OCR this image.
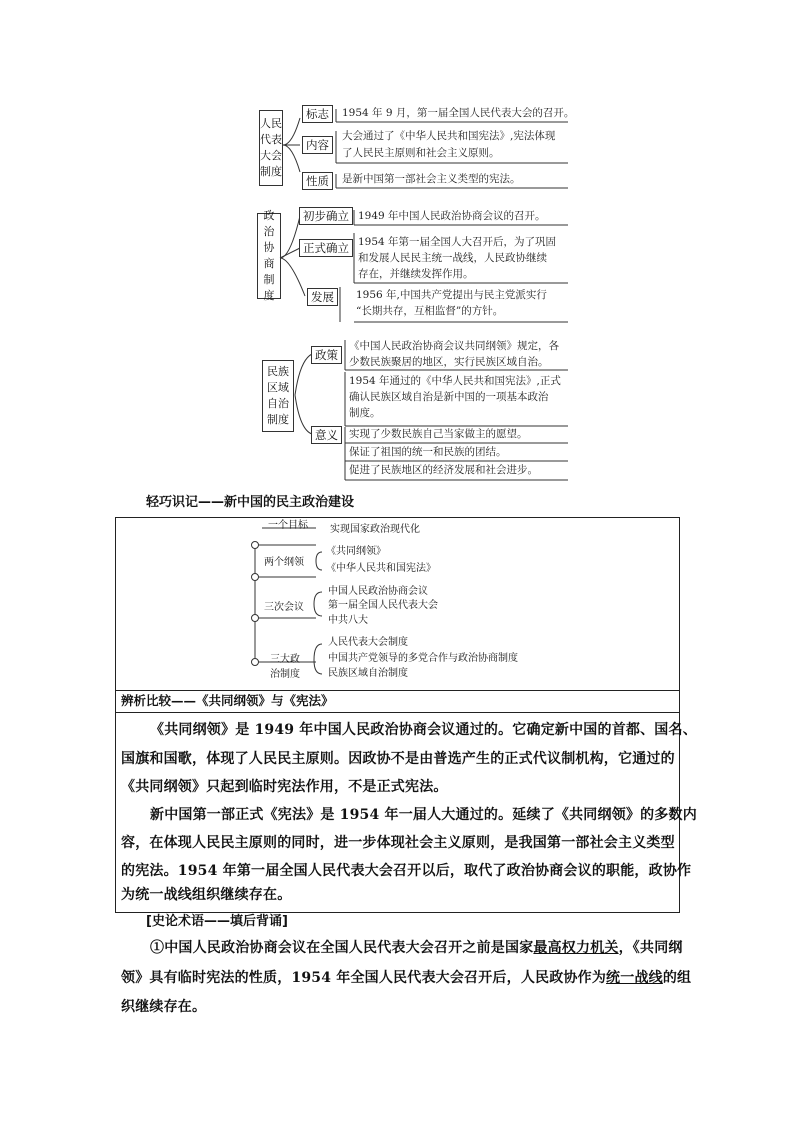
人民代表大会制度
标志	1954 年 9 月，第一届全国人民代表大会的召开。
内容
大会通过了《中华人民共和国宪法》,宪法体现
了人民民主原则和社会主义原则。
性质	是新中国第一部社会主义类型的宪法。
政治协商制度
初步确立 1949 年中国人民政治协商会议的召开。
正式确立 1954 年第一届全国人大召开后，为了巩固
和发展人民民主统一战线，人民政协继续
存在，并继续发挥作用。
发展	1956 年,中国共产党提出与民主党派实行
“长期共存，互相监督”的方针。
民族区域自治制度
政策
《中国人民政治协商会议共同纲领》规定，各
少数民族聚居的地区，实行民族区域自治。
1954 年通过的《中华人民共和国宪法》,正式
确认民族区域自治是新中国的一项基本政治
制度。
意义	实现了少数民族自己当家做主的愿望。
保证了祖国的统一和民族的团结。
促进了民族地区的经济发展和社会进步。
轻巧识记——新中国的民主政治建设
一个目标 实现国家政治现代化
两个纲领
《共同纲领》
《中华人民共和国宪法》
三次会议
中国人民政治协商会议
第一届全国人民代表大会
中共八大
三大政
治制度
人民代表大会制度
中国共产党领导的多党合作与政治协商制度
民族区域自治制度
辨析比较——《共同纲领》与《宪法》
《共同纲领》是 1949 年中国人民政治协商会议通过的。它确定新中国的首都、国名、
国旗和国歌，体现了人民民主原则。因政协不是由普选产生的正式代议制机构，它通过的
《共同纲领》只起到临时宪法作用，不是正式宪法。
新中国第一部正式《宪法》是 1954 年一届人大通过的。延续了《共同纲领》的多数内
容，在体现人民民主原则的同时，进一步体现社会主义原则，是我国第一部社会主义类型
的宪法。1954 年第一届全国人民代表大会召开以后，取代了政治协商会议的职能，政协作
为统一战线组织继续存在。
[史论术语——填后背诵]
①中国人民政治协商会议在全国人民代表大会召开之前是国家最高权力机关，《共同纲
领》具有临时宪法的性质，1954 年全国人民代表大会召开后，人民政协作为统一战线的组
织继续存在。
